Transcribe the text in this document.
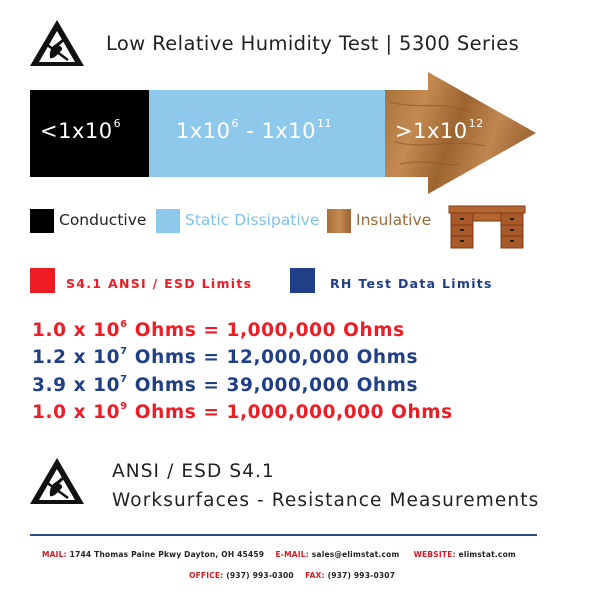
Low Relative Humidity Test | 5300 Series
$<1x10^6$	$1x10^6 - 1x10^{11}$	$>1x10^{12}$
Conductive Static Dissipative Insulative
S4.1 ANSI / ESD Limits	RH Test Data Limits
1.0 x $10^6$ Ohms = 1,000,000 Ohms
1.2 x $10^7$ Ohms = 12,000,000 Ohms
3.9 x $10^7$ Ohms = 39,000,000 Ohms
1.0 x $10^9$ Ohms = 1,000,000,000 Ohms
ANSI / ESD S4.1
Worksurfaces - Resistance Measurements
MAIL: 1744 Thomas Paine Pkwy Dayton, OH 45459 E-MAIL: sales@elimstat.com WEBSITE: elimstat.com
OFFICE: (937) 993-0300 FAX: (937) 993-0307
